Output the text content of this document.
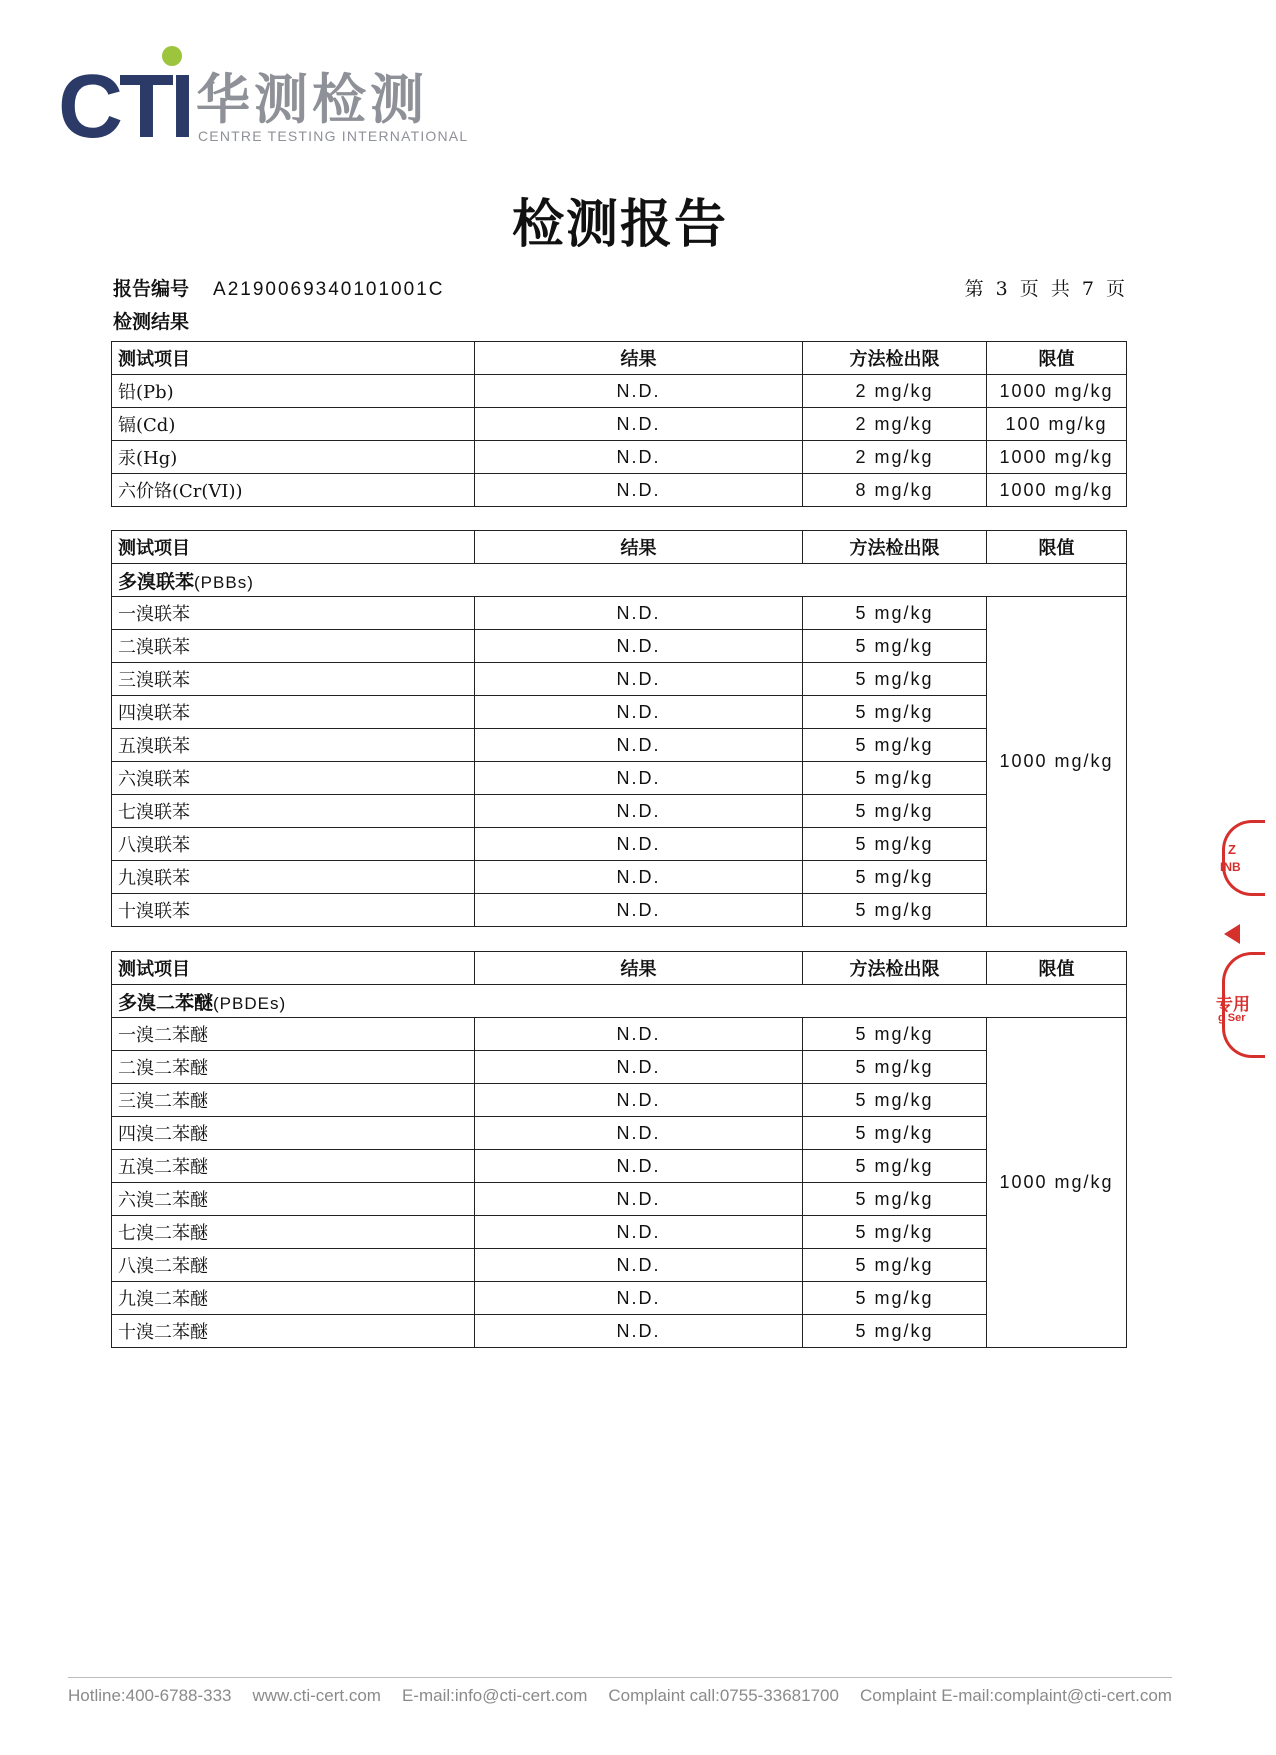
CTI 华测检测
CENTRE TESTING INTERNATIONAL
检测报告
报告编号 A2190069340101001C	第 3 页 共 7 页
检测结果
测试项目	结果	方法检出限	限值
铅(Pb)	N.D.	2 mg/kg	1000 mg/kg
镉(Cd)	N.D.	2 mg/kg	100 mg/kg
汞(Hg)	N.D.	2 mg/kg	1000 mg/kg
六价铬(Cr(VI))	N.D.	8 mg/kg	1000 mg/kg
测试项目	结果	方法检出限	限值
多溴联苯(PBBs)			
一溴联苯	N.D.	5 mg/kg	1000 mg/kg
二溴联苯	N.D.	5 mg/kg	
三溴联苯	N.D.	5 mg/kg	
四溴联苯	N.D.	5 mg/kg	
五溴联苯	N.D.	5 mg/kg	
六溴联苯	N.D.	5 mg/kg	
七溴联苯	N.D.	5 mg/kg	
八溴联苯	N.D.	5 mg/kg	
九溴联苯	N.D.	5 mg/kg	
十溴联苯	N.D.	5 mg/kg	
测试项目	结果	方法检出限	限值
多溴二苯醚(PBDEs)			
一溴二苯醚	N.D.	5 mg/kg	1000 mg/kg
二溴二苯醚	N.D.	5 mg/kg	
三溴二苯醚	N.D.	5 mg/kg	
四溴二苯醚	N.D.	5 mg/kg	
五溴二苯醚	N.D.	5 mg/kg	
六溴二苯醚	N.D.	5 mg/kg	
七溴二苯醚	N.D.	5 mg/kg	
八溴二苯醚	N.D.	5 mg/kg	
九溴二苯醚	N.D.	5 mg/kg	
十溴二苯醚	N.D.	5 mg/kg	
Z
INB
专用
g Ser
Hotline:400-6788-333 www.cti-cert.com E-mail:info@cti-cert.com Complaint call:0755-33681700 Complaint E-mail:complaint@cti-cert.com
